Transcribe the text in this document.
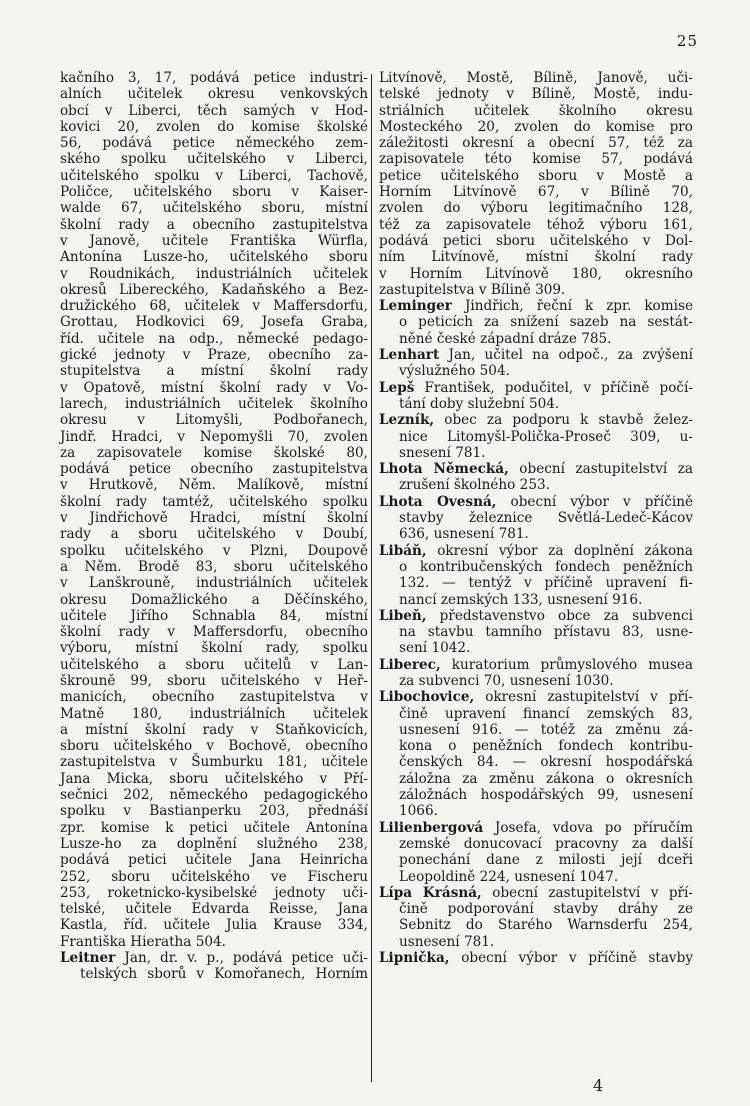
25
kačního 3, 17, podává petice industri-
alních učitelek okresu venkovských
obcí v Liberci, těch samých v Hod-
kovici 20, zvolen do komise školské
56, podává petice německého zem-
ského spolku učitelského v Liberci,
učitelského spolku v Liberci, Tachově,
Poličce, učitelského sboru v Kaiser-
walde 67, učitelského sboru, místní
školní rady a obecního zastupitelstva
v Janově, učitele Františka Würfla,
Antonína Lusze-ho, učitelského sboru
v Roudnikách, industriálních učitelek
okresů Libereckého, Kadaňského a Bez-
družického 68, učitelek v Maffersdorfu,
Grottau, Hodkovici 69, Josefa Graba,
říd. učitele na odp., německé pedago-
gické jednoty v Praze, obecního za-
stupitelstva a místní školní rady
v Opatově, místní školní rady v Vo-
larech, industriálních učitelek školního
okresu v Litomyšli, Podbořanech,
Jindř. Hradci, v Nepomyšli 70, zvolen
za zapisovatele komise školské 80,
podává petice obecního zastupitelstva
v Hrutkově, Něm. Malíkově, místní
školní rady tamtéž, učitelského spolku
v Jindřichově Hradci, místní školní
rady a sboru učitelského v Doubí,
spolku učitelského v Plzni, Doupově
a Něm. Brodě 83, sboru učitelského
v Lanškrouně, industriálních učitelek
okresu Domažlického a Děčínského,
učitele Jiřího Schnabla 84, místní
školní rady v Maffersdorfu, obecního
výboru, místní školní rady, spolku
učitelského a sboru učitelů v Lan-
škrouně 99, sboru učitelského v Heř-
manicích, obecního zastupitelstva v
Matně 180, industriálních učitelek
a místní školní rady v Staňkovicích,
sboru učitelského v Bochově, obecního
zastupitelstva v Šumburku 181, učitele
Jana Micka, sboru učitelského v Pří-
sečnici 202, německého pedagogického
spolku v Bastianperku 203, přednáší
zpr. komise k petici učitele Antonína
Lusze-ho za doplnění služného 238,
podává petici učitele Jana Heinricha
252, sboru učitelského ve Fischeru
253, roketnicko-kysibelské jednoty uči-
telské, učitele Edvarda Reisse, Jana
Kastla, říd. učitele Julia Krause 334,
Františka Hieratha 504.
Leitner Jan, dr. v. p., podává petice uči-
telských sborů v Komořanech, Horním
Litvínově, Mostě, Bílině, Janově, uči-
telské jednoty v Bílině, Mostě, indu-
striálních učitelek školního okresu
Mosteckého 20, zvolen do komise pro
záležitosti okresní a obecní 57, též za
zapisovatele této komise 57, podává
petice učitelského sboru v Mostě a
Horním Litvínově 67, v Bílině 70,
zvolen do výboru legitimačního 128,
též za zapisovatele téhož výboru 161,
podává petici sboru učitelského v Dol-
ním Litvínově, místní školní rady
v Horním Litvínově 180, okresního
zastupitelstva v Bílině 309.
Leminger Jindřich, řeční k zpr. komise
o peticích za snížení sazeb na sestát-
něné české západní dráze 785.
Lenhart Jan, učitel na odpoč., za zvýšení
výslužného 504.
Lepš František, podučitel, v příčině počí-
tání doby služební 504.
Lezník, obec za podporu k stavbě želez-
nice Litomyšl-Polička-Proseč 309, u-
snesení 781.
Lhota Německá, obecní zastupitelství za
zrušení školného 253.
Lhota Ovesná, obecní výbor v příčině
stavby železnice Světlá-Ledeč-Kácov
636, usnesení 781.
Libáň, okresní výbor za doplnění zákona
o kontribučenských fondech peněžních
132. — tentýž v příčině upravení fi-
nancí zemských 133, usnesení 916.
Libeň, představenstvo obce za subvenci
na stavbu tamního přístavu 83, usne-
sení 1042.
Liberec, kuratorium průmyslového musea
za subvenci 70, usnesení 1030.
Libochovice, okresní zastupitelství v pří-
čině upravení financí zemských 83,
usnesení 916. — totéž za změnu zá-
kona o peněžních fondech kontribu-
čenských 84. — okresní hospodářská
záložna za změnu zákona o okresních
záložnách hospodářských 99, usnesení
1066.
Lilienbergová Josefa, vdova po příručím
zemské donucovací pracovny za další
ponechání dane z milosti její dceři
Leopoldině 224, usnesení 1047.
Lípa Krásná, obecní zastupitelství v pří-
čině podporování stavby dráhy ze
Sebnitz do Starého Warnsderfu 254,
usnesení 781.
Lipnička, obecní výbor v příčině stavby
4
